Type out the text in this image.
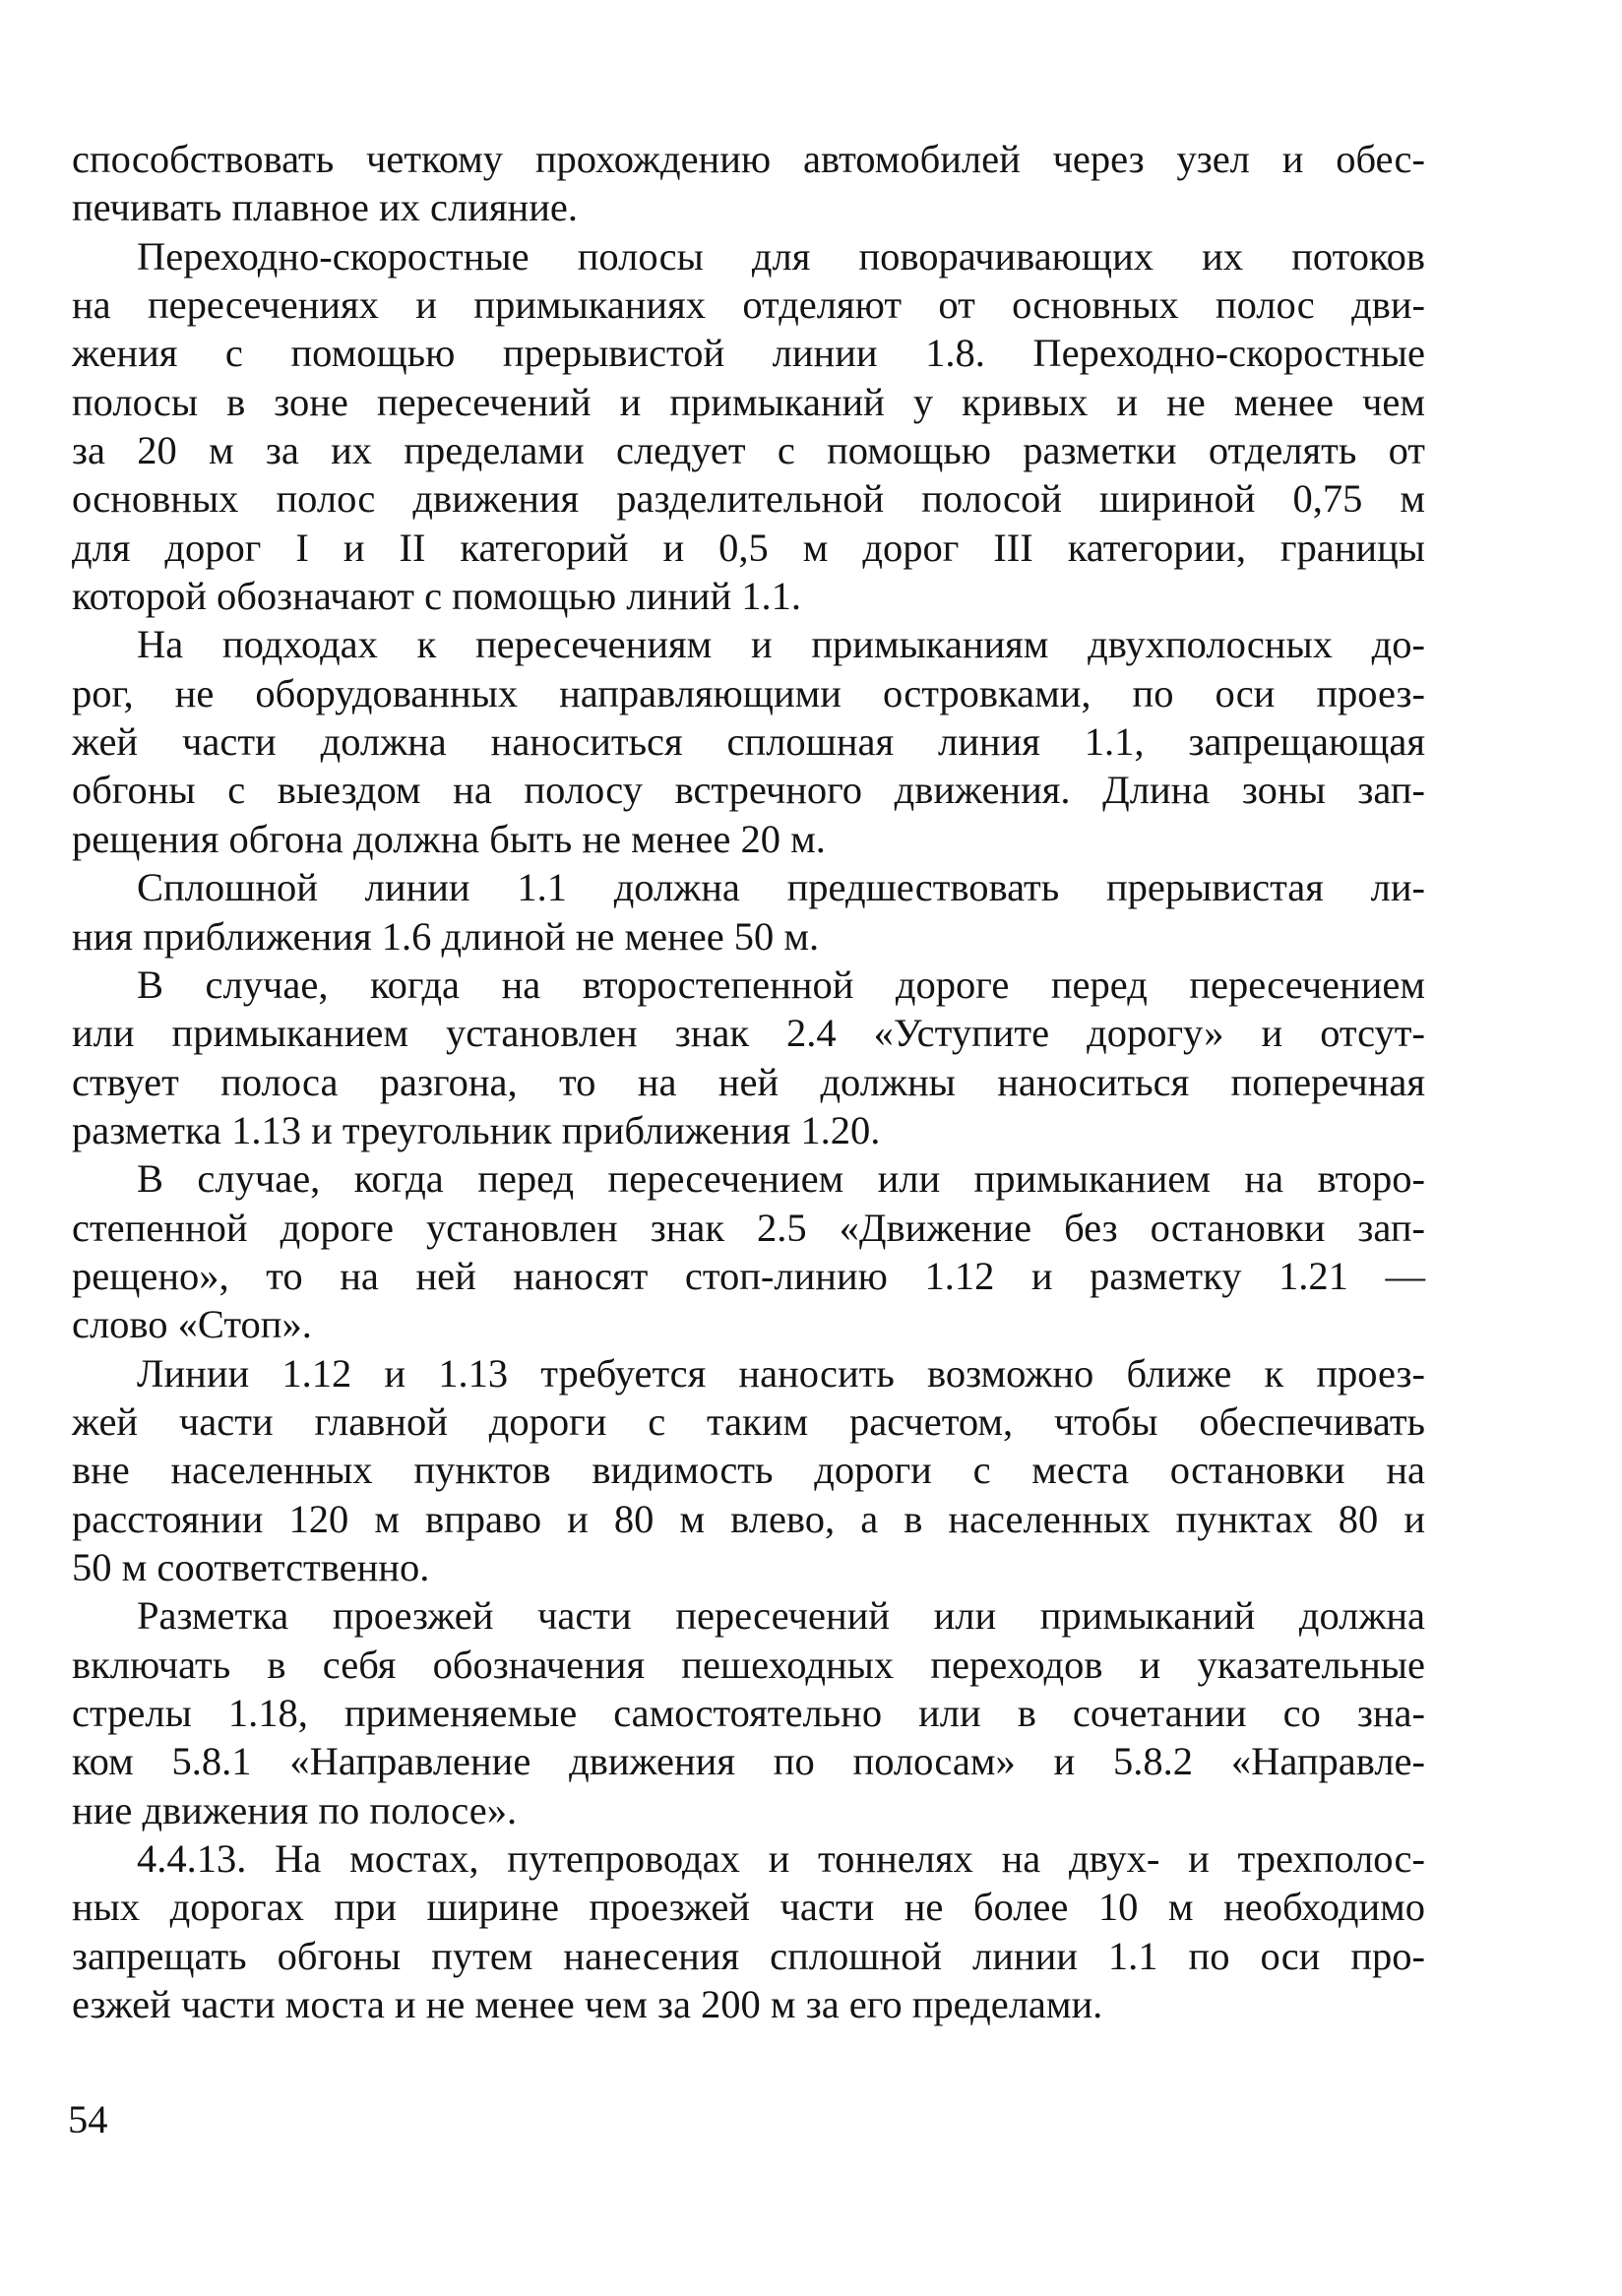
способствовать четкому прохождению автомобилей через узел и обес-
печивать плавное их слияние.
Переходно-скоростные полосы для поворачивающих их потоков
на пересечениях и примыканиях отделяют от основных полос дви-
жения с помощью прерывистой линии 1.8. Переходно-скоростные
полосы в зоне пересечений и примыканий у кривых и не менее чем
за 20 м за их пределами следует с помощью разметки отделять от
основных полос движения разделительной полосой шириной 0,75 м
для дорог I и II категорий и 0,5 м дорог III категории, границы
которой обозначают с помощью линий 1.1.
На подходах к пересечениям и примыканиям двухполосных до-
рог, не оборудованных направляющими островками, по оси проез-
жей части должна наноситься сплошная линия 1.1, запрещающая
обгоны с выездом на полосу встречного движения. Длина зоны зап-
рещения обгона должна быть не менее 20 м.
Сплошной линии 1.1 должна предшествовать прерывистая ли-
ния приближения 1.6 длиной не менее 50 м.
В случае, когда на второстепенной дороге перед пересечением
или примыканием установлен знак 2.4 «Уступите дорогу» и отсут-
ствует полоса разгона, то на ней должны наноситься поперечная
разметка 1.13 и треугольник приближения 1.20.
В случае, когда перед пересечением или примыканием на второ-
степенной дороге установлен знак 2.5 «Движение без остановки зап-
рещено», то на ней наносят стоп-линию 1.12 и разметку 1.21 —
слово «Стоп».
Линии 1.12 и 1.13 требуется наносить возможно ближе к проез-
жей части главной дороги с таким расчетом, чтобы обеспечивать
вне населенных пунктов видимость дороги с места остановки на
расстоянии 120 м вправо и 80 м влево, а в населенных пунктах 80 и
50 м соответственно.
Разметка проезжей части пересечений или примыканий должна
включать в себя обозначения пешеходных переходов и указательные
стрелы 1.18, применяемые самостоятельно или в сочетании со зна-
ком 5.8.1 «Направление движения по полосам» и 5.8.2 «Направле-
ние движения по полосе».
4.4.13. На мостах, путепроводах и тоннелях на двух- и трехполос-
ных дорогах при ширине проезжей части не более 10 м необходимо
запрещать обгоны путем нанесения сплошной линии 1.1 по оси про-
езжей части моста и не менее чем за 200 м за его пределами.
54
